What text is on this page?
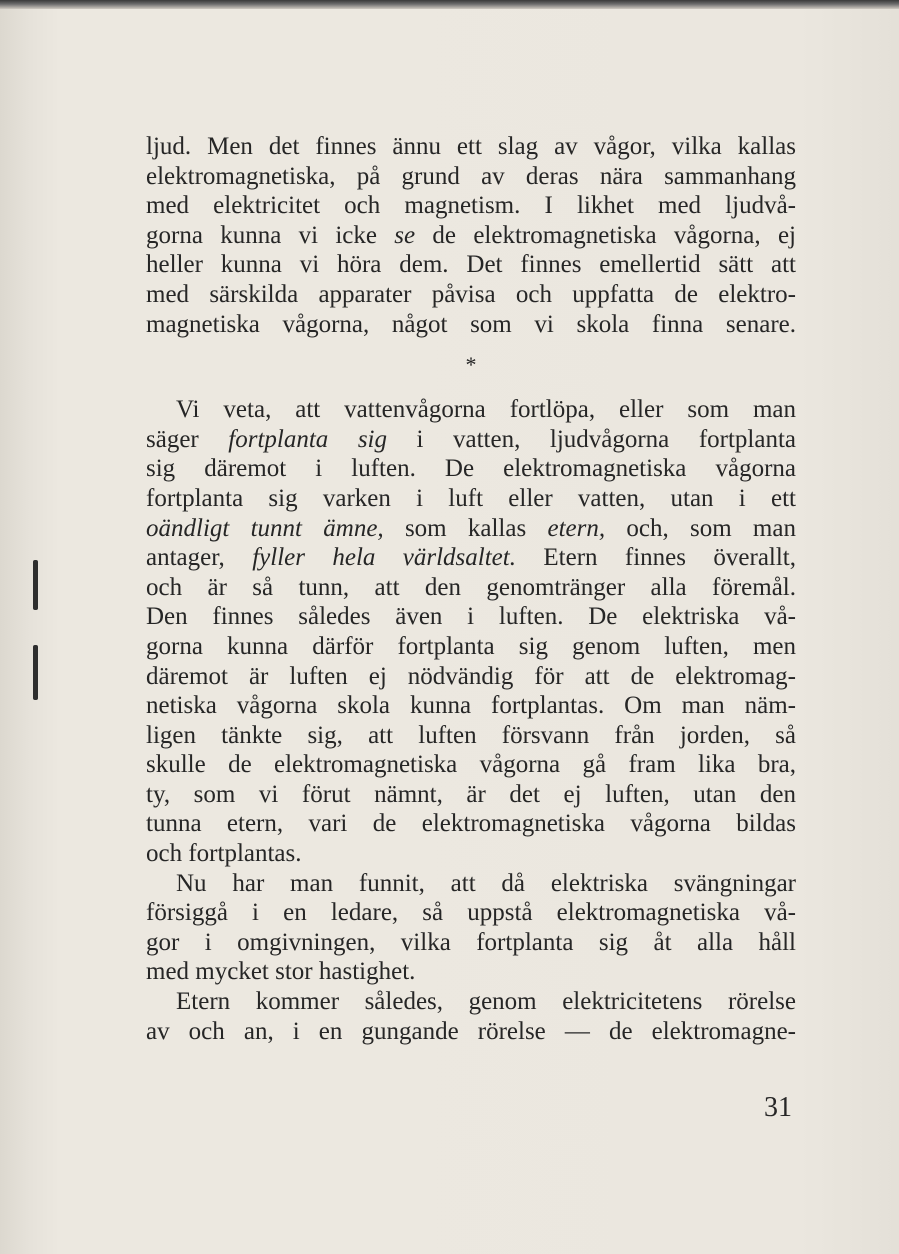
ljud. Men det finnes ännu ett slag av vågor, vilka kallas
elektromagnetiska, på grund av deras nära sammanhang
med elektricitet och magnetism. I likhet med ljudvå-
gorna kunna vi icke se de elektromagnetiska vågorna, ej
heller kunna vi höra dem. Det finnes emellertid sätt att
med särskilda apparater påvisa och uppfatta de elektro-
magnetiska vågorna, något som vi skola finna senare.

*

Vi veta, att vattenvågorna fortlöpa, eller som man
säger fortplanta sig i vatten, ljudvågorna fortplanta
sig däremot i luften. De elektromagnetiska vågorna
fortplanta sig varken i luft eller vatten, utan i ett
oändligt tunnt ämne, som kallas etern, och, som man
antager, fyller hela världsaltet. Etern finnes överallt,
och är så tunn, att den genomtränger alla föremål.
Den finnes således även i luften. De elektriska vå-
gorna kunna därför fortplanta sig genom luften, men
däremot är luften ej nödvändig för att de elektromag-
netiska vågorna skola kunna fortplantas. Om man näm-
ligen tänkte sig, att luften försvann från jorden, så
skulle de elektromagnetiska vågorna gå fram lika bra,
ty, som vi förut nämnt, är det ej luften, utan den
tunna etern, vari de elektromagnetiska vågorna bildas
och fortplantas.

Nu har man funnit, att då elektriska svängningar
försiggå i en ledare, så uppstå elektromagnetiska vå-
gor i omgivningen, vilka fortplanta sig åt alla håll
med mycket stor hastighet.

Etern kommer således, genom elektricitetens rörelse
av och an, i en gungande rörelse — de elektromagne-

31
